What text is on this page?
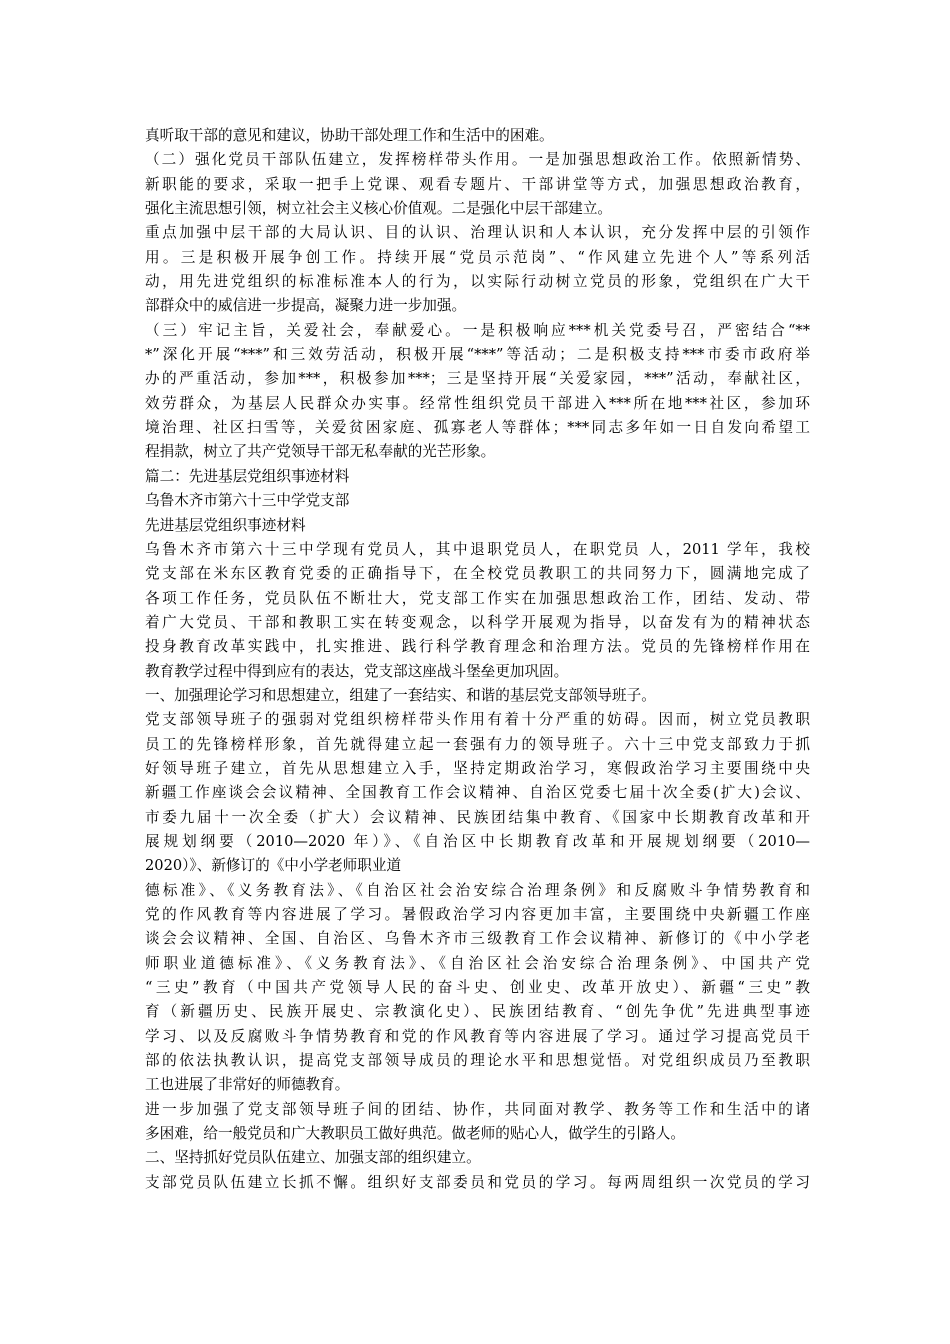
真听取干部的意见和建议，协助干部处理工作和生活中的困难。
（二）强化党员干部队伍建立，发挥榜样带头作用。一是加强思想政治工作。依照新情势、
新职能的要求，采取一把手上党课、观看专题片、干部讲堂等方式，加强思想政治教育，
强化主流思想引领，树立社会主义核心价值观。二是强化中层干部建立。
重点加强中层干部的大局认识、目的认识、治理认识和人本认识，充分发挥中层的引领作
用。三是积极开展争创工作。持续开展“党员示范岗”、“作风建立先进个人”等系列活
动，用先进党组织的标准标准本人的行为，以实际行动树立党员的形象，党组织在广大干
部群众中的威信进一步提高，凝聚力进一步加强。
（三）牢记主旨，关爱社会，奉献爱心。一是积极响应***机关党委号召，严密结合“**
*”深化开展“***”和三效劳活动，积极开展“***”等活动；二是积极支持***市委市政府举
办的严重活动，参加***，积极参加***；三是坚持开展“关爱家园，***”活动，奉献社区，
效劳群众，为基层人民群众办实事。经常性组织党员干部进入***所在地***社区，参加环
境治理、社区扫雪等，关爱贫困家庭、孤寡老人等群体；***同志多年如一日自发向希望工
程捐款，树立了共产党领导干部无私奉献的光芒形象。
篇二：先进基层党组织事迹材料
乌鲁木齐市第六十三中学党支部
先进基层党组织事迹材料
乌鲁木齐市第六十三中学现有党员人，其中退职党员人，在职党员 人，2011 学年，我校
党支部在米东区教育党委的正确指导下，在全校党员教职工的共同努力下，圆满地完成了
各项工作任务，党员队伍不断壮大，党支部工作实在加强思想政治工作，团结、发动、带
着广大党员、干部和教职工实在转变观念，以科学开展观为指导，以奋发有为的精神状态
投身教育改革实践中，扎实推进、践行科学教育理念和治理方法。党员的先锋榜样作用在
教育教学过程中得到应有的表达，党支部这座战斗堡垒更加巩固。
一、加强理论学习和思想建立，组建了一套结实、和谐的基层党支部领导班子。
党支部领导班子的强弱对党组织榜样带头作用有着十分严重的妨碍。因而，树立党员教职
员工的先锋榜样形象，首先就得建立起一套强有力的领导班子。六十三中党支部致力于抓
好领导班子建立，首先从思想建立入手，坚持定期政治学习，寒假政治学习主要围绕中央
新疆工作座谈会会议精神、全国教育工作会议精神、自治区党委七届十次全委(扩大)会议、
市委九届十一次全委（扩大）会议精神、民族团结集中教育、《国家中长期教育改革和开
展规划纲要（2010—2020 年）》、《自治区中长期教育改革和开展规划纲要（2010—
2020）》、新修订的《中小学老师职业道
德标准》、《义务教育法》、《自治区社会治安综合治理条例》和反腐败斗争情势教育和
党的作风教育等内容进展了学习。暑假政治学习内容更加丰富，主要围绕中央新疆工作座
谈会会议精神、全国、自治区、乌鲁木齐市三级教育工作会议精神、新修订的《中小学老
师职业道德标准》、《义务教育法》、《自治区社会治安综合治理条例》、中国共产党
“三史”教育（中国共产党领导人民的奋斗史、创业史、改革开放史）、新疆“三史”教
育（新疆历史、民族开展史、宗教演化史）、民族团结教育、“创先争优”先进典型事迹
学习、以及反腐败斗争情势教育和党的作风教育等内容进展了学习。通过学习提高党员干
部的依法执教认识，提高党支部领导成员的理论水平和思想觉悟。对党组织成员乃至教职
工也进展了非常好的师德教育。
进一步加强了党支部领导班子间的团结、协作，共同面对教学、教务等工作和生活中的诸
多困难，给一般党员和广大教职员工做好典范。做老师的贴心人，做学生的引路人。
二、坚持抓好党员队伍建立、加强支部的组织建立。
支部党员队伍建立长抓不懈。组织好支部委员和党员的学习。每两周组织一次党员的学习
